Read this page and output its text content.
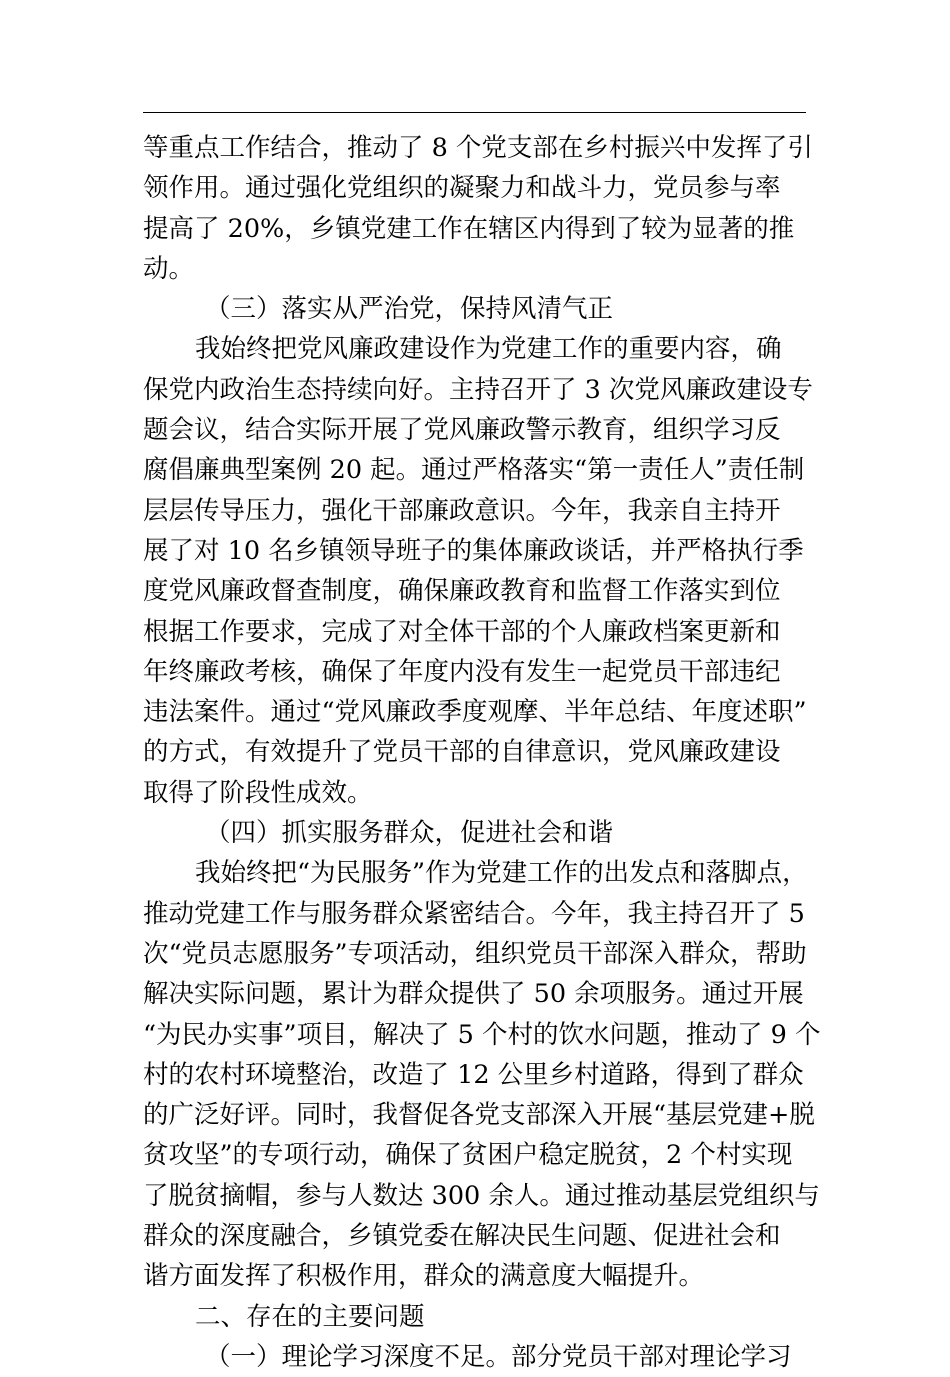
等重点工作结合，推动了 8 个党支部在乡村振兴中发挥了引
领作用。通过强化党组织的凝聚力和战斗力，党员参与率
提高了 20%，乡镇党建工作在辖区内得到了较为显著的推
动。
（三）落实从严治党，保持风清气正
我始终把党风廉政建设作为党建工作的重要内容，确
保党内政治生态持续向好。主持召开了 3 次党风廉政建设专
题会议，结合实际开展了党风廉政警示教育，组织学习反
腐倡廉典型案例 20 起。通过严格落实“第一责任人”责任制
层层传导压力，强化干部廉政意识。今年，我亲自主持开
展了对 10 名乡镇领导班子的集体廉政谈话，并严格执行季
度党风廉政督查制度，确保廉政教育和监督工作落实到位
根据工作要求，完成了对全体干部的个人廉政档案更新和
年终廉政考核，确保了年度内没有发生一起党员干部违纪
违法案件。通过“党风廉政季度观摩、半年总结、年度述职”
的方式，有效提升了党员干部的自律意识，党风廉政建设
取得了阶段性成效。
（四）抓实服务群众，促进社会和谐
我始终把“为民服务”作为党建工作的出发点和落脚点，
推动党建工作与服务群众紧密结合。今年，我主持召开了 5
次“党员志愿服务”专项活动，组织党员干部深入群众，帮助
解决实际问题，累计为群众提供了 50 余项服务。通过开展
“为民办实事”项目，解决了 5 个村的饮水问题，推动了 9 个
村的农村环境整治，改造了 12 公里乡村道路，得到了群众
的广泛好评。同时，我督促各党支部深入开展“基层党建+脱
贫攻坚”的专项行动，确保了贫困户稳定脱贫，2 个村实现
了脱贫摘帽，参与人数达 300 余人。通过推动基层党组织与
群众的深度融合，乡镇党委在解决民生问题、促进社会和
谐方面发挥了积极作用，群众的满意度大幅提升。
二、存在的主要问题
（一）理论学习深度不足。部分党员干部对理论学习
